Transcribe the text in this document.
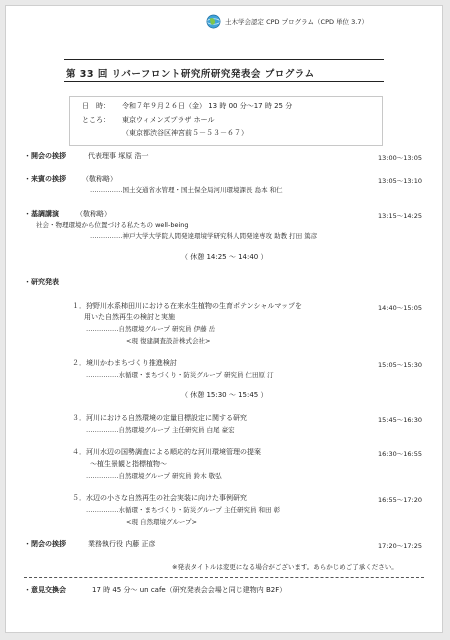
土木学会認定 CPD プログラム（CPD 単位 3.7）
第 33 回 リバーフロント研究所研究発表会 プログラム
日　時： 令和７年９月２６日（金） 13 時 00 分～17 時 25 分
ところ： 東京ウィメンズプラザ ホール
（東京都渋谷区神宮前５－５３－６７）
・開会の挨拶	代表理事 塚原 浩一	13:00～13:05
・来賓の挨拶 （敬称略）	13:05～13:10
……………国土交通省水管理・国土保全局河川環境課長 島本 和仁
・基調講演 （敬称略）	13:15～14:25
社会・物理環境から位置づける私たちの well-being
……………神戸大学大学院人間発達環境学研究科人間発達専攻 助教 打田 篤彦
（ 休憩 14:25 ～ 14:40 ）
・研究発表
１．狩野川水系柿田川における在来水生植物の生育ポテンシャルマップを
用いた自然再生の検討と実施
……………自然環境グループ 研究員 伊藤 岳
<現 復建調査設計株式会社>
14:40～15:05
２．境川かわまちづくり推進検討
……………水循環・まちづくり・防災グループ 研究員 仁田原 汀
15:05～15:30
（ 休憩 15:30 ～ 15:45 ）
３．河川における自然環境の定量目標設定に関する研究
……………自然環境グループ 主任研究員 白尾 豪宏
15:45～16:30
４．河川水辺の国勢調査による順応的な河川環境管理の提案
～植生景観と指標植物～
……………自然環境グループ 研究員 鈴木 敬弘
16:30～16:55
５．水辺の小さな自然再生の社会実装に向けた事例研究
……………水循環・まちづくり・防災グループ 主任研究員 和田 彰
<現 自然環境グループ>
16:55～17:20
・閉会の挨拶	業務執行役 内藤 正彦	17:20～17:25
※発表タイトルは変更になる場合がございます。あらかじめご了承ください。
・意見交換会	17 時 45 分～ un cafe（研究発表会会場と同じ建物内 B2F）
